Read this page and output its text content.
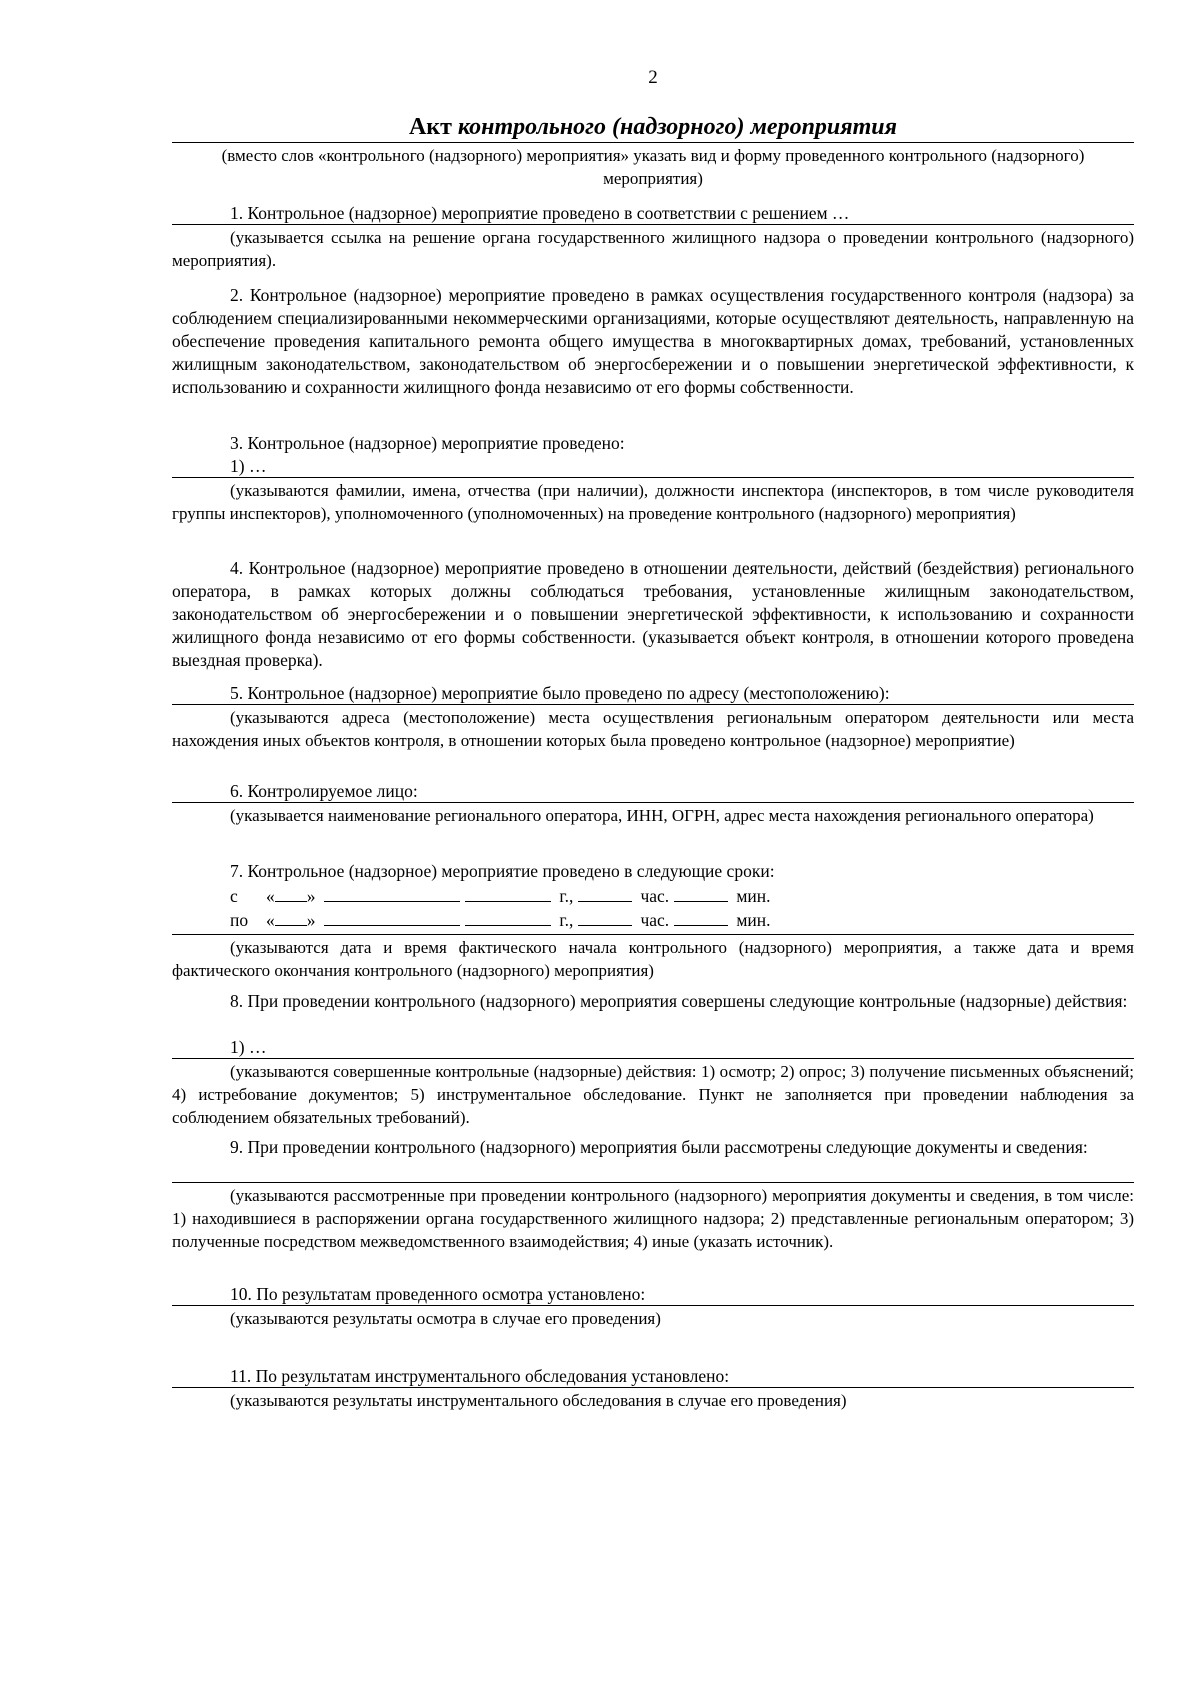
2
Акт контрольного (надзорного) мероприятия

(вместо слов «контрольного (надзорного) мероприятия» указать вид и форму проведенного контрольного (надзорного) мероприятия)

1. Контрольное (надзорное) мероприятие проведено в соответствии с решением …

(указывается ссылка на решение органа государственного жилищного надзора о проведении контрольного (надзорного) мероприятия).

2. Контрольное (надзорное) мероприятие проведено в рамках осуществления государственного контроля (надзора) за соблюдением специализированными некоммерческими организациями, которые осуществляют деятельность, направленную на обеспечение проведения капитального ремонта общего имущества в многоквартирных домах, требований, установленных жилищным законодательством, законодательством об энергосбережении и о повышении энергетической эффективности, к использованию и сохранности жилищного фонда независимо от его формы собственности.

3. Контрольное (надзорное) мероприятие проведено:
1) …

(указываются фамилии, имена, отчества (при наличии), должности инспектора (инспекторов, в том числе руководителя группы инспекторов), уполномоченного (уполномоченных) на проведение контрольного (надзорного) мероприятия)

4. Контрольное (надзорное) мероприятие проведено в отношении деятельности, действий (бездействия) регионального оператора, в рамках которых должны соблюдаться требования, установленные жилищным законодательством, законодательством об энергосбережении и о повышении энергетической эффективности, к использованию и сохранности жилищного фонда независимо от его формы собственности. (указывается объект контроля, в отношении которого проведена выездная проверка).

5. Контрольное (надзорное) мероприятие было проведено по адресу (местоположению):

(указываются адреса (местоположение) места осуществления региональным оператором деятельности или места нахождения иных объектов контроля, в отношении которых была проведено контрольное (надзорное) мероприятие)

6. Контролируемое лицо:

(указывается наименование регионального оператора, ИНН, ОГРН, адрес места нахождения регионального оператора)

7. Контрольное (надзорное) мероприятие проведено в следующие сроки:
с « »	г.,	час.	мин.
по « »	г.,	час.	мин.

(указываются дата и время фактического начала контрольного (надзорного) мероприятия, а также дата и время фактического окончания контрольного (надзорного) мероприятия)

8. При проведении контрольного (надзорного) мероприятия совершены следующие контрольные (надзорные) действия:

1) …

(указываются совершенные контрольные (надзорные) действия: 1) осмотр; 2) опрос; 3) получение письменных объяснений; 4) истребование документов; 5) инструментальное обследование. Пункт не заполняется при проведении наблюдения за соблюдением обязательных требований).

9. При проведении контрольного (надзорного) мероприятия были рассмотрены следующие документы и сведения:

(указываются рассмотренные при проведении контрольного (надзорного) мероприятия документы и сведения, в том числе: 1) находившиеся в распоряжении органа государственного жилищного надзора; 2) представленные региональным оператором; 3) полученные посредством межведомственного взаимодействия; 4) иные (указать источник).

10. По результатам проведенного осмотра установлено:

(указываются результаты осмотра в случае его проведения)

11. По результатам инструментального обследования установлено:

(указываются результаты инструментального обследования в случае его проведения)
